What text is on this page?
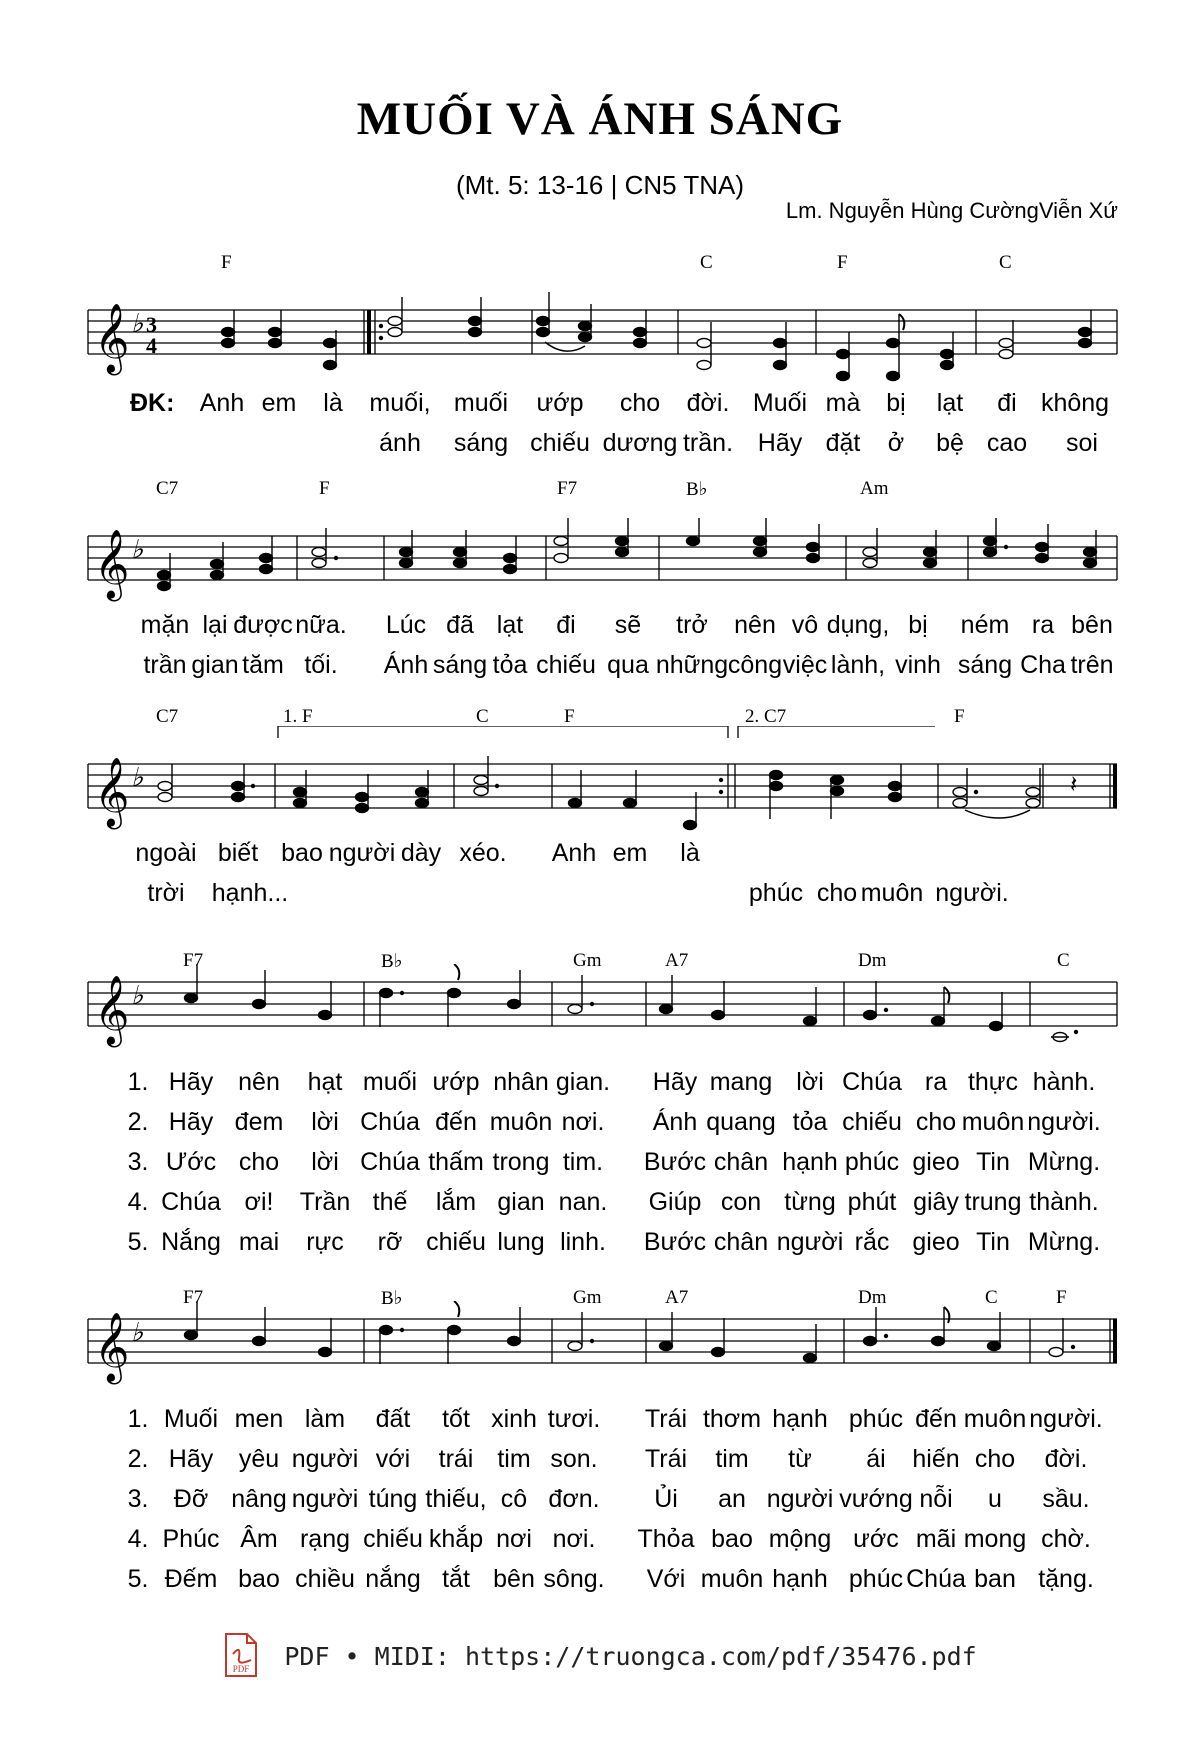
MUỐI VÀ ÁNH SÁNG
(Mt. 5: 13-16 | CN5 TNA)
Lm. Nguyễn Hùng CườngViễn Xứ
F	C	F	C
𝄞 ♭ 3
4
ĐK: Anh em là muối, muối ướp cho đời. Muối mà bị lạt đi không
ánh sáng chiếu dương trần. Hãy đặt ở bệ cao soi
C7	F	F7	B♭	Am
𝄞 ♭
mặn lại được nữa. Lúc đã lạt đi sẽ trở nên vô dụng, bị ném ra bên
trần gian tăm tối. Ánh sáng tỏa chiếu qua những công việc lành, vinh sáng Cha trên
C7	1. F	C	F	2. C7	F
𝄞 ♭	𝄽
ngoài biết bao người dày xéo. Anh em là
trời hạnh...	phúc cho muôn người.
F7	B♭	Gm	A7	Dm	C
𝄞 ♭
1. Hãy nên hạt muối ướp nhân gian. Hãy mang lời Chúa ra thực hành.
2. Hãy đem lời Chúa đến muôn nơi. Ánh quang tỏa chiếu cho muôn người.
3. Ước cho lời Chúa thấm trong tim. Bước chân hạnh phúc gieo Tin Mừng.
4. Chúa ơi! Trần thế lắm gian nan. Giúp con từng phút giây trung thành.
5. Nắng mai rực rỡ chiếu lung linh. Bước chân người rắc gieo Tin Mừng.
F7	B♭	Gm	A7	Dm	C	F
𝄞 ♭
1. Muối men làm đất tốt xinh tươi. Trái thơm hạnh phúc đến muôn người.
2. Hãy yêu người với trái tim son. Trái tim từ ái hiến cho đời.
3. Đỡ nâng người túng thiếu, cô đơn. Ủi an người vướng nỗi u sầu.
4. Phúc Âm rạng chiếu khắp nơi nơi. Thỏa bao mộng ước mãi mong chờ.
5. Đếm bao chiều nắng tắt bên sông. Với muôn hạnh phúc Chúa ban tặng.
PDF PDF • MIDI: https://truongca.com/pdf/35476.pdf
